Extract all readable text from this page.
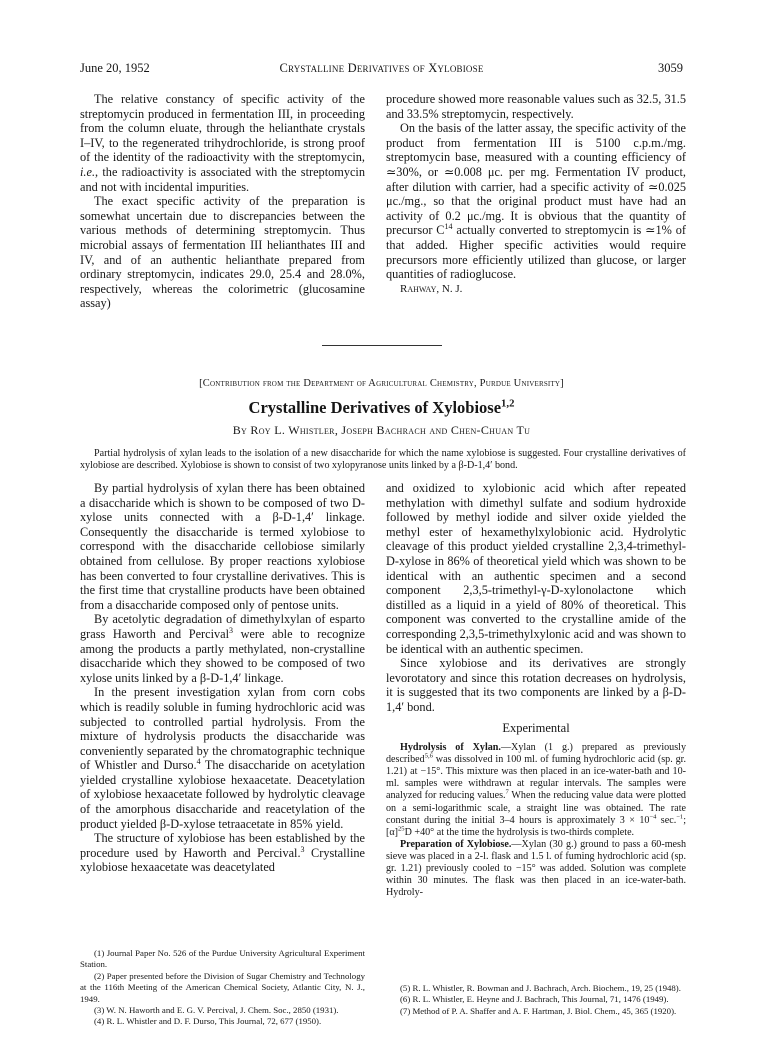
June 20, 1952	Crystalline Derivatives of Xylobiose	3059

The relative constancy of specific activity of the streptomycin produced in fermentation III, in proceeding from the column eluate, through the helianthate crystals I–IV, to the regenerated trihydrochloride, is strong proof of the identity of the radioactivity with the streptomycin, i.e., the radioactivity is associated with the streptomycin and not with incidental impurities.

The exact specific activity of the preparation is somewhat uncertain due to discrepancies between the various methods of determining streptomycin. Thus microbial assays of fermentation III helianthates III and IV, and of an authentic helianthate prepared from ordinary streptomycin, indicates 29.0, 25.4 and 28.0%, respectively, whereas the colorimetric (glucosamine assay)

procedure showed more reasonable values such as 32.5, 31.5 and 33.5% streptomycin, respectively.

On the basis of the latter assay, the specific activity of the product from fermentation III is 5100 c.p.m./mg. streptomycin base, measured with a counting efficiency of ≃30%, or ≃0.008 μc. per mg. Fermentation IV product, after dilution with carrier, had a specific activity of ≃0.025 μc./mg., so that the original product must have had an activity of 0.2 μc./mg. It is obvious that the quantity of precursor $C^{14}$ actually converted to streptomycin is ≃1% of that added. Higher specific activities would require precursors more efficiently utilized than glucose, or larger quantities of radioglucose.

Rahway, N. J.

[Contribution from the Department of Agricultural Chemistry, Purdue University]
Crystalline Derivatives of Xylobiose$^{1,2}$
By Roy L. Whistler, Joseph Bachrach and Chen-Chuan Tu
Partial hydrolysis of xylan leads to the isolation of a new disaccharide for which the name xylobiose is suggested. Four crystalline derivatives of xylobiose are described. Xylobiose is shown to consist of two xylopyranose units linked by a β-D-1,4′ bond.

By partial hydrolysis of xylan there has been obtained a disaccharide which is shown to be composed of two D-xylose units connected with a β-D-1,4′ linkage. Consequently the disaccharide is termed xylobiose to correspond with the disaccharide cellobiose similarly obtained from cellulose. By proper reactions xylobiose has been converted to four crystalline derivatives. This is the first time that crystalline products have been obtained from a disaccharide composed only of pentose units.

By acetolytic degradation of dimethylxylan of esparto grass Haworth and Percival$^3$ were able to recognize among the products a partly methylated, non-crystalline disaccharide which they showed to be composed of two xylose units linked by a β-D-1,4′ linkage.

In the present investigation xylan from corn cobs which is readily soluble in fuming hydrochloric acid was subjected to controlled partial hydrolysis. From the mixture of hydrolysis products the disaccharide was conveniently separated by the chromatographic technique of Whistler and Durso.$^4$ The disaccharide on acetylation yielded crystalline xylobiose hexaacetate. Deacetylation of xylobiose hexaacetate followed by hydrolytic cleavage of the amorphous disaccharide and reacetylation of the product yielded β-D-xylose tetraacetate in 85% yield.

The structure of xylobiose has been established by the procedure used by Haworth and Percival.$^3$ Crystalline xylobiose hexaacetate was deacetylated

(1) Journal Paper No. 526 of the Purdue University Agricultural Experiment Station.

(2) Paper presented before the Division of Sugar Chemistry and Technology at the 116th Meeting of the American Chemical Society, Atlantic City, N. J., 1949.

(3) W. N. Haworth and E. G. V. Percival, J. Chem. Soc., 2850 (1931).

(4) R. L. Whistler and D. F. Durso, This Journal, 72, 677 (1950).

and oxidized to xylobionic acid which after repeated methylation with dimethyl sulfate and sodium hydroxide followed by methyl iodide and silver oxide yielded the methyl ester of hexamethylxylobionic acid. Hydrolytic cleavage of this product yielded crystalline 2,3,4-trimethyl-D-xylose in 86% of theoretical yield which was shown to be identical with an authentic specimen and a second component 2,3,5-trimethyl-γ-D-xylonolactone which distilled as a liquid in a yield of 80% of theoretical. This component was converted to the crystalline amide of the corresponding 2,3,5-trimethylxylonic acid and was shown to be identical with an authentic specimen.

Since xylobiose and its derivatives are strongly levorotatory and since this rotation decreases on hydrolysis, it is suggested that its two components are linked by a β-D-1,4′ bond.

Experimental

Hydrolysis of Xylan.—Xylan (1 g.) prepared as previously described$^{5,6}$ was dissolved in 100 ml. of fuming hydrochloric acid (sp. gr. 1.21) at −15°. This mixture was then placed in an ice-water-bath and 10-ml. samples were withdrawn at regular intervals. The samples were analyzed for reducing values.$^7$ When the reducing value data were plotted on a semi-logarithmic scale, a straight line was obtained. The rate constant during the initial 3–4 hours is approximately $3 \times 10^{-4}$ sec.$^{-1}$; $[\alpha]^{25}D +40^\circ$ at the time the hydrolysis is two-thirds complete.

Preparation of Xylobiose.—Xylan (30 g.) ground to pass a 60-mesh sieve was placed in a 2-l. flask and 1.5 l. of fuming hydrochloric acid (sp. gr. 1.21) previously cooled to −15° was added. Solution was complete within 30 minutes. The flask was then placed in an ice-water-bath. Hydroly-

(5) R. L. Whistler, R. Bowman and J. Bachrach, Arch. Biochem., 19, 25 (1948).

(6) R. L. Whistler, E. Heyne and J. Bachrach, This Journal, 71, 1476 (1949).

(7) Method of P. A. Shaffer and A. F. Hartman, J. Biol. Chem., 45, 365 (1920).
